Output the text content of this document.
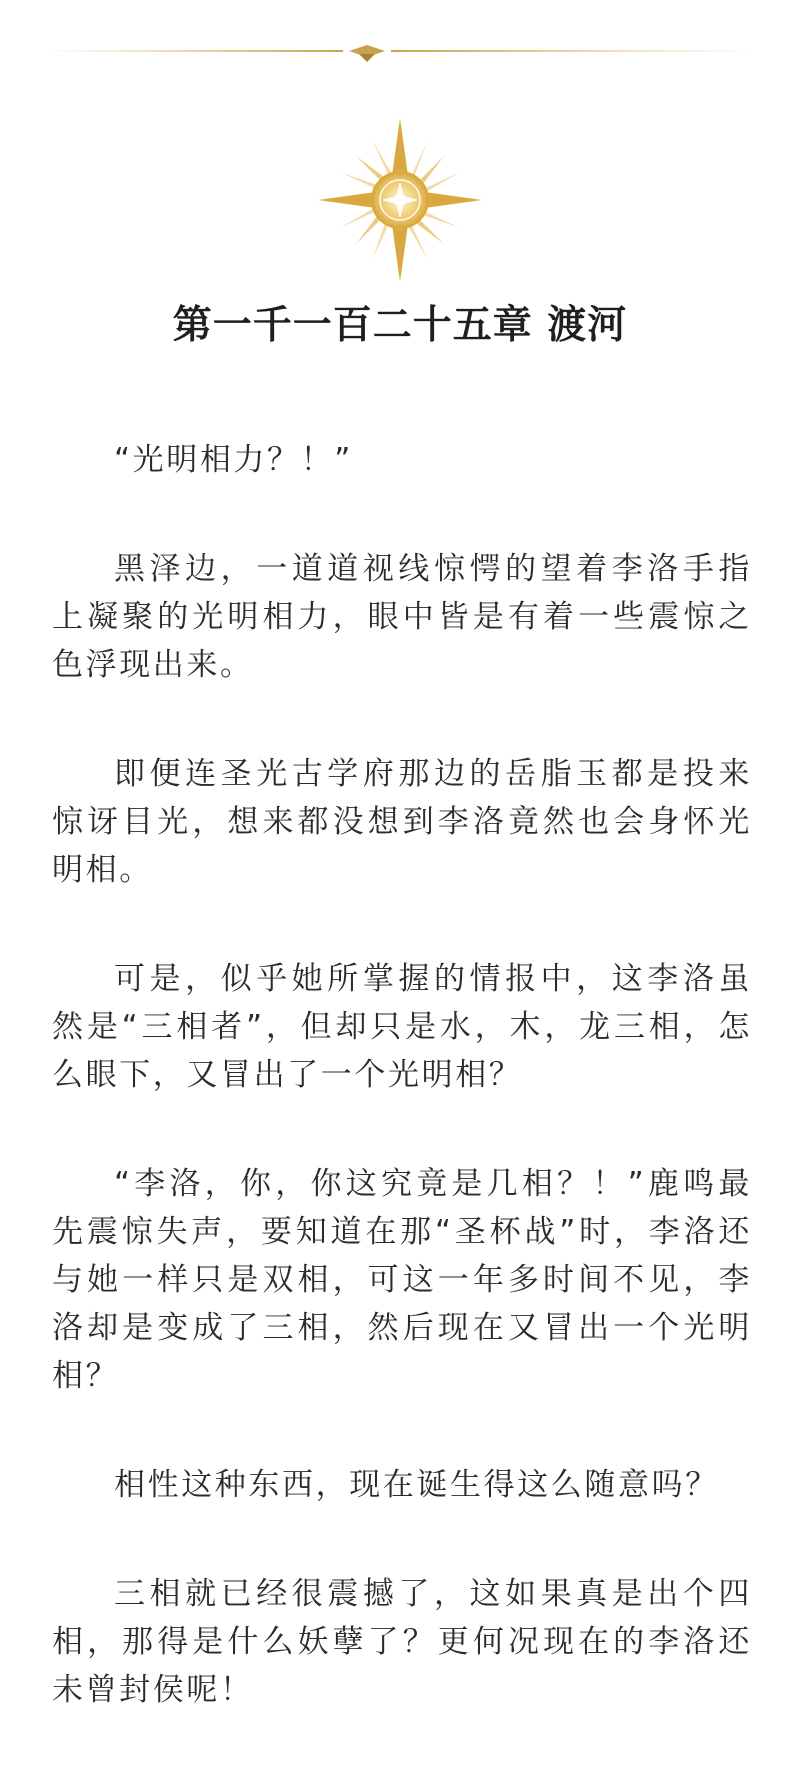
第一千一百二十五章 渡河

“光明相力？！”

黑泽边，一道道视线惊愕的望着李洛手指上凝聚的光明相力，眼中皆是有着一些震惊之色浮现出来。

即便连圣光古学府那边的岳脂玉都是投来惊讶目光，想来都没想到李洛竟然也会身怀光明相。

可是，似乎她所掌握的情报中，这李洛虽然是“三相者”，但却只是水，木，龙三相，怎么眼下，又冒出了一个光明相？

“李洛，你，你这究竟是几相？！”鹿鸣最先震惊失声，要知道在那“圣杯战”时，李洛还与她一样只是双相，可这一年多时间不见，李洛却是变成了三相，然后现在又冒出一个光明相？

相性这种东西，现在诞生得这么随意吗？

三相就已经很震撼了，这如果真是出个四相，那得是什么妖孽了？更何况现在的李洛还未曾封侯呢！
